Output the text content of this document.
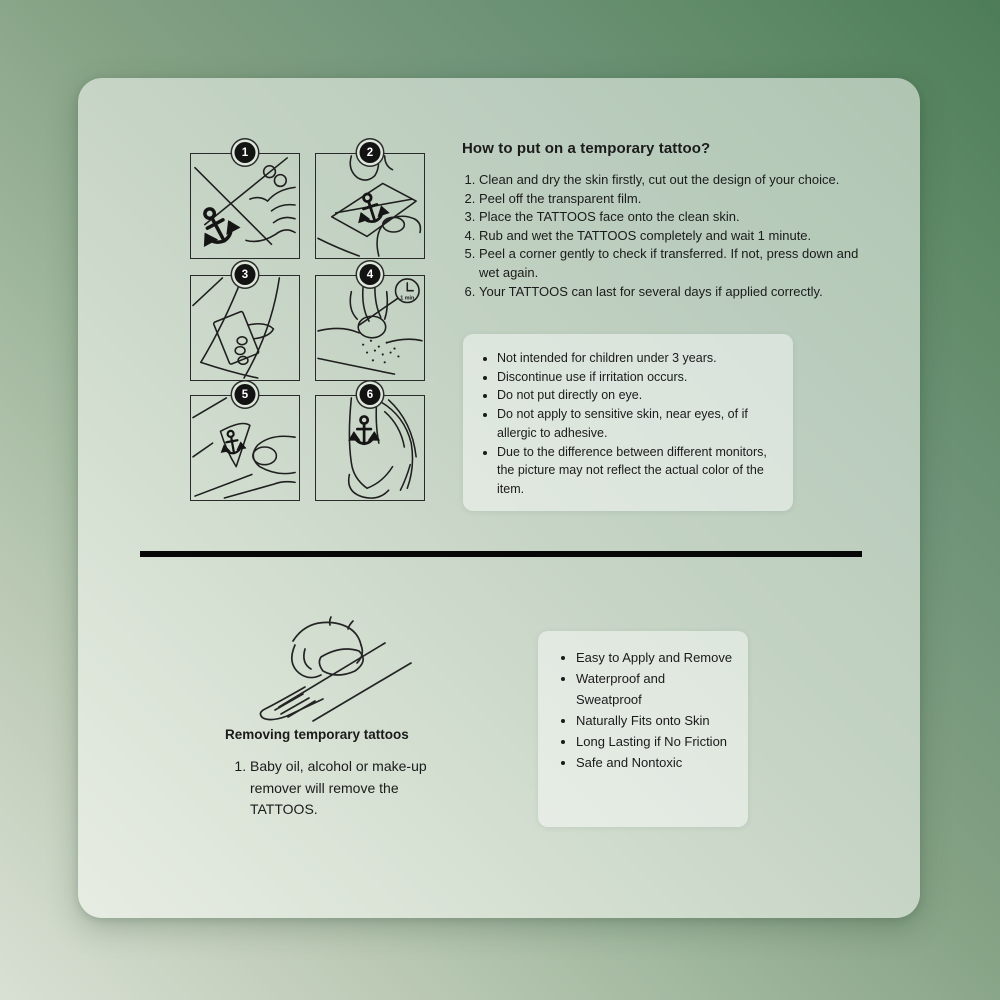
1	2
3	4
1 min
5	6
How to put on a temporary tattoo?
1. Clean and dry the skin firstly, cut out the design of your choice.
2. Peel off the transparent film.
3. Place the TATTOOS face onto the clean skin.
4. Rub and wet the TATTOOS completely and wait 1 minute.
5. Peel a corner gently to check if transferred. If not, press down and wet again.
6. Your TATTOOS can last for several days if applied correctly.
• Not intended for children under 3 years.
• Discontinue use if irritation occurs.
• Do not put directly on eye.
• Do not apply to sensitive skin, near eyes, of if allergic to adhesive.
• Due to the difference between different monitors, the picture may not reflect the actual color of the item.
Removing temporary tattoos
1. Baby oil, alcohol or make-up remover will remove the TATTOOS.
• Easy to Apply and Remove
• Waterproof and Sweatproof
• Naturally Fits onto Skin
• Long Lasting if No Friction
• Safe and Nontoxic
